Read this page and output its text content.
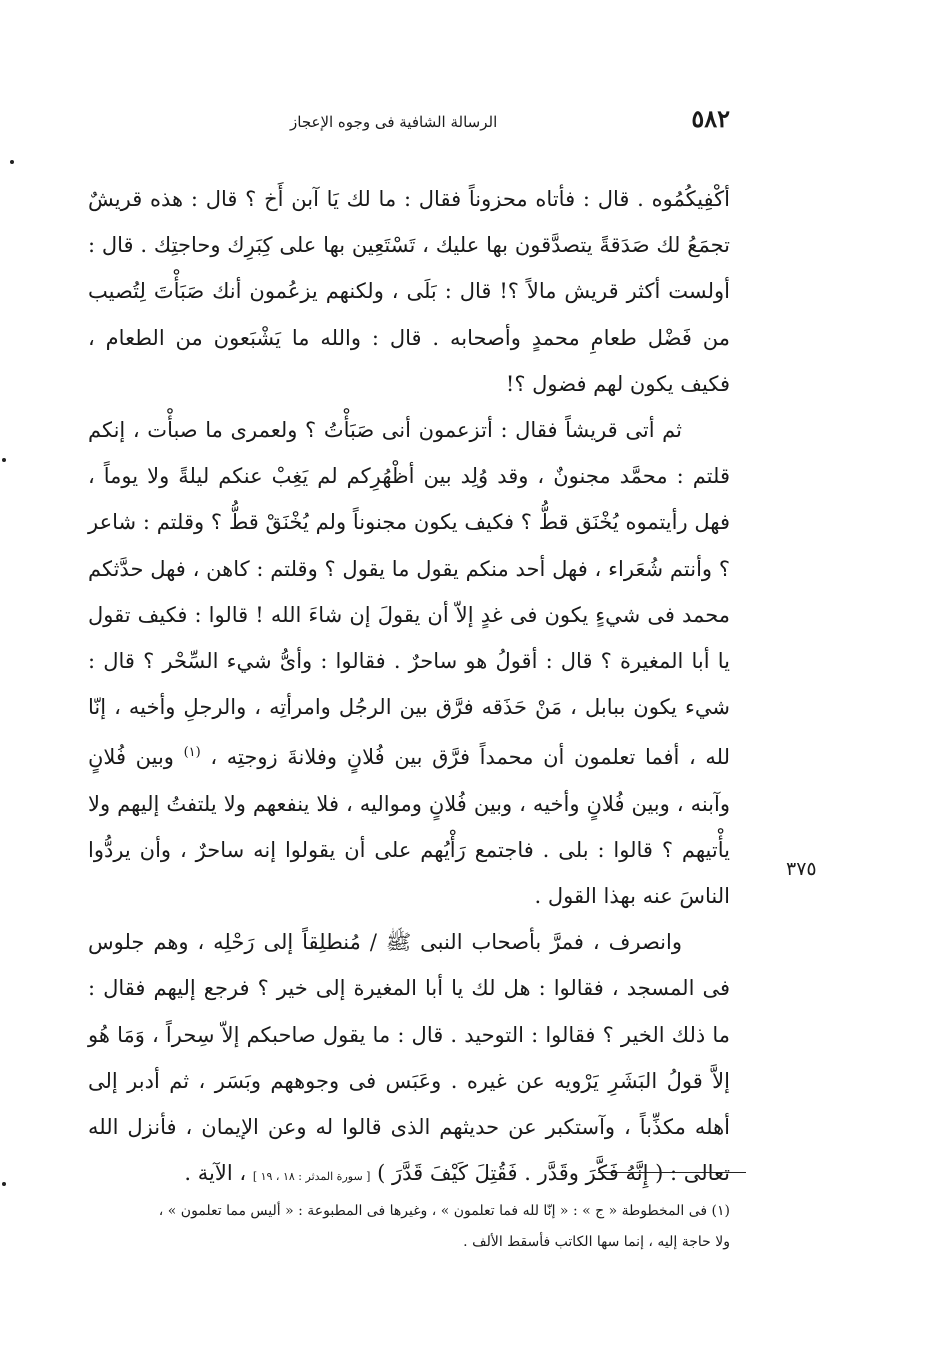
٥٨٢
الرسالة الشافية فى وجوه الإعجاز

أكْفِيكُمُوه . قال : فأتاه محزوناً فقال : ما لك يَا آبن أَخ ؟ قال : هذه قريشٌ تجمَعُ لك صَدَقةً يتصدَّقون بها عليك ، تَسْتَعِين بها على كِبَرِك وحاجتِك . قال : أولست أكثر قريش مالاً ؟! قال : بَلَى ، ولكنهم يزعُمون أنك صَبَأْتَ لِتُصيب من فَضْل طعامِ محمدٍ وأصحابه . قال : والله ما يَشْبَعون من الطعام ، فكيف يكون لهم فضول ؟!

ثم أتى قريشاً فقال : أتزعمون أنى صَبَأْتُ ؟ ولعمرى ما صبأْت ، إنكم قلتم : محمَّد مجنونٌ ، وقد وُلِد بين أظْهُرِكم لم يَغِبْ عنكم ليلةً ولا يوماً ، فهل رأيتموه يُخْنَق قطُّ ؟ فكيف يكون مجنوناً ولم يُخْنَقْ قطُّ ؟ وقلتم : شاعر ؟ وأنتم شُعَراء ، فهل أحد منكم يقول ما يقول ؟ وقلتم : كاهن ، فهل حدَّثكم محمد فى شيءٍ يكون فى غدٍ إلاّ أن يقولَ إن شاءَ الله ! قالوا : فكيف تقول يا أبا المغيرة ؟ قال : أقولُ هو ساحرٌ . فقالوا : وأىُّ شيء السِّحْر ؟ قال : شيء يكون ببابل ، مَنْ حَذَقه فرَّق بين الرجُل وامرأتِه ، والرجلِ وأخيه ، إنّا لله ، أفما تعلمون أن محمداً فرَّق بين فُلانٍ وفلانةَ زوجتِه ، $^{(١)}$ وبين فُلانٍ وآبنه ، وبين فُلانٍ وأخيه ، وبين فُلانٍ ومواليه ، فلا ينفعهم ولا يلتفتُ إليهم ولا يأْتيهم ؟ قالوا : بلى . فاجتمع رَأْيُهم على أن يقولوا إنه ساحرٌ ، وأن يردُّوا الناسَ عنه بهذا القول .

وانصرف ، فمرَّ بأصحاب النبى ﷺ / مُنطلِقاً إلى رَحْلِه ، وهم جلوس فى المسجد ، فقالوا : هل لك يا أبا المغيرة إلى خير ؟ فرجع إليهم فقال : ما ذلك الخير ؟ فقالوا : التوحيد . قال : ما يقول صاحبكم إلاّ سِحراً ، وَمَا هُو إلاَّ قولُ البَشَرِ يَرْويه عن غيره . وعَبَس فى وجوههم وبَسَر ، ثم أدبر إلى أهله مكذِّباً ، وآستكبر عن حديثهم الذى قالوا له وعن الإيمان ، فأنزل الله تعالى : ( إِنَّهُ فَكَّرَ وقَدَّر . فَقُتِلَ كَيْفَ قَدَّرَ ) [ سورة المدثر : ١٨ ، ١٩ ] ، الآية .

٣٧٥

(١) فى المخطوطة « ج » : « إنّا لله فما تعلمون » ، وغيرها فى المطبوعة : « أليس مما تعلمون » ،

ولا حاجة إليه ، إنما سها الكاتب فأسقط الألف .
